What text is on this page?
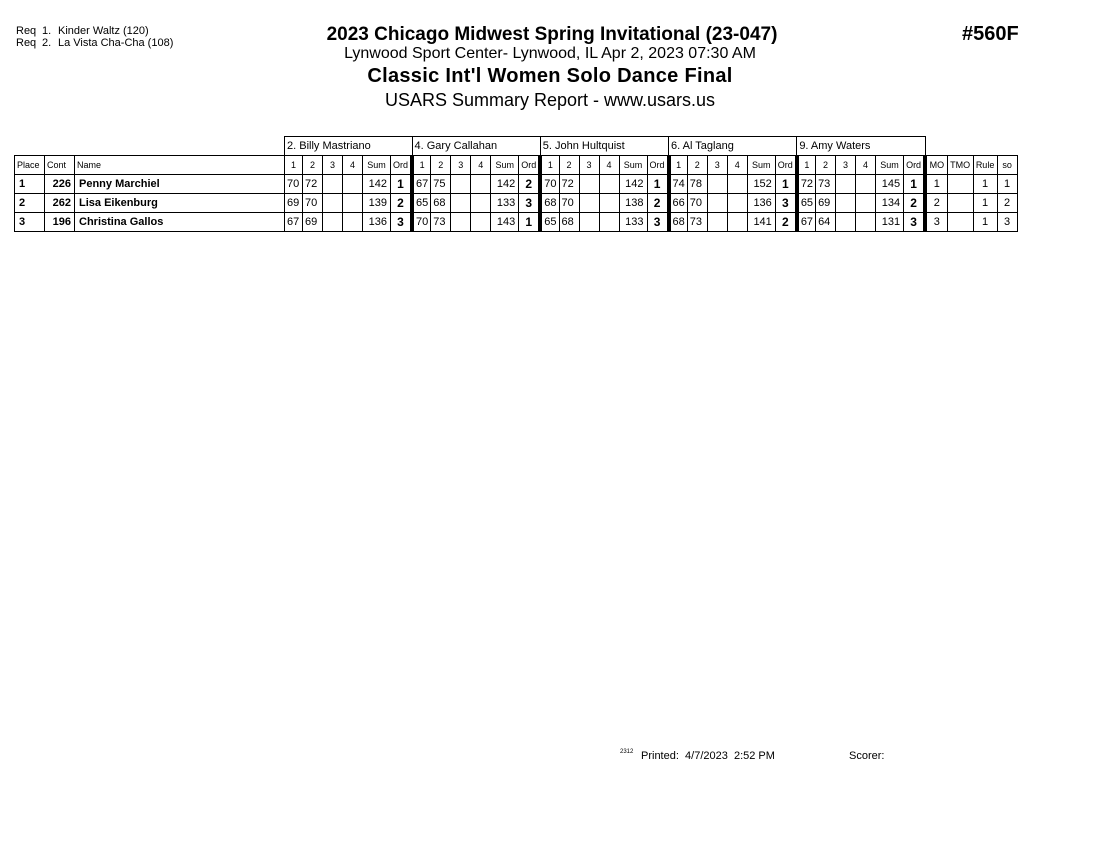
Req 1. Kinder Waltz (120)
Req 2. La Vista Cha-Cha (108)	2023 Chicago Midwest Spring Invitational (23-047)
Lynwood Sport Center- Lynwood, IL Apr 2, 2023 07:30 AM
Classic Int'l Women Solo Dance Final
USARS Summary Report - www.usars.us
#560F
			2. Billy Mastriano						4. Gary Callahan						5. John Hultquist						6. Al Taglang						9. Amy Waters									
Place	Cont	Name	1	2	3	4	Sum	Ord	1	2	3	4	Sum	Ord	1	2	3	4	Sum	Ord	1	2	3	4	Sum	Ord	1	2	3	4	Sum	Ord	MO	TMO	Rule	so
1	226	Penny Marchiel	70	72			142	1	67	75			142	2	70	72			142	1	74	78			152	1	72	73			145	1	1		1	1
2	262	Lisa Eikenburg	69	70			139	2	65	68			133	3	68	70			138	2	66	70			136	3	65	69			134	2	2		1	2
3	196	Christina Gallos	67	69			136	3	70	73			143	1	65	68			133	3	68	73			141	2	67	64			131	3	3		1	3
2312 Printed:  4/7/2023  2:52 PM	Scorer:
